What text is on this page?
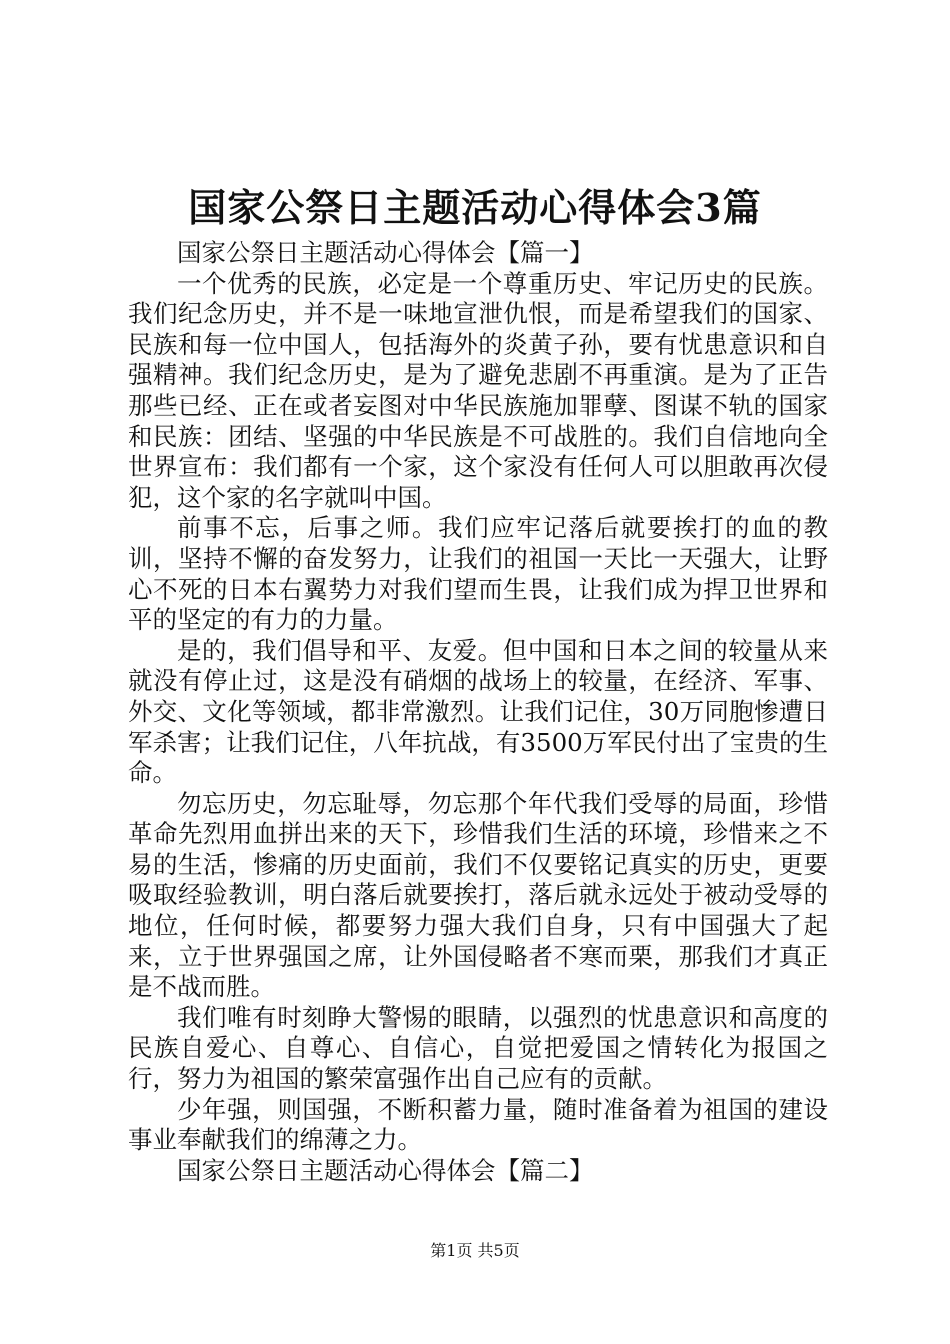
国家公祭日主题活动心得体会3篇

国家公祭日主题活动心得体会【篇一】

一个优秀的民族，必定是一个尊重历史、牢记历史的民族。我们纪念历史，并不是一味地宣泄仇恨，而是希望我们的国家、民族和每一位中国人，包括海外的炎黄子孙，要有忧患意识和自强精神。我们纪念历史，是为了避免悲剧不再重演。是为了正告那些已经、正在或者妄图对中华民族施加罪孽、图谋不轨的国家和民族：团结、坚强的中华民族是不可战胜的。我们自信地向全世界宣布：我们都有一个家，这个家没有任何人可以胆敢再次侵犯，这个家的名字就叫中国。

前事不忘，后事之师。我们应牢记落后就要挨打的血的教训，坚持不懈的奋发努力，让我们的祖国一天比一天强大，让野心不死的日本右翼势力对我们望而生畏，让我们成为捍卫世界和平的坚定的有力的力量。

是的，我们倡导和平、友爱。但中国和日本之间的较量从来就没有停止过，这是没有硝烟的战场上的较量，在经济、军事、外交、文化等领域，都非常激烈。让我们记住，30万同胞惨遭日军杀害；让我们记住，八年抗战，有3500万军民付出了宝贵的生命。

勿忘历史，勿忘耻辱，勿忘那个年代我们受辱的局面，珍惜革命先烈用血拼出来的天下，珍惜我们生活的环境，珍惜来之不易的生活，惨痛的历史面前，我们不仅要铭记真实的历史，更要吸取经验教训，明白落后就要挨打，落后就永远处于被动受辱的地位，任何时候，都要努力强大我们自身，只有中国强大了起来，立于世界强国之席，让外国侵略者不寒而栗，那我们才真正是不战而胜。

我们唯有时刻睁大警惕的眼睛，以强烈的忧患意识和高度的民族自爱心、自尊心、自信心，自觉把爱国之情转化为报国之行，努力为祖国的繁荣富强作出自己应有的贡献。

少年强，则国强，不断积蓄力量，随时准备着为祖国的建设事业奉献我们的绵薄之力。

国家公祭日主题活动心得体会【篇二】

第1页 共5页
